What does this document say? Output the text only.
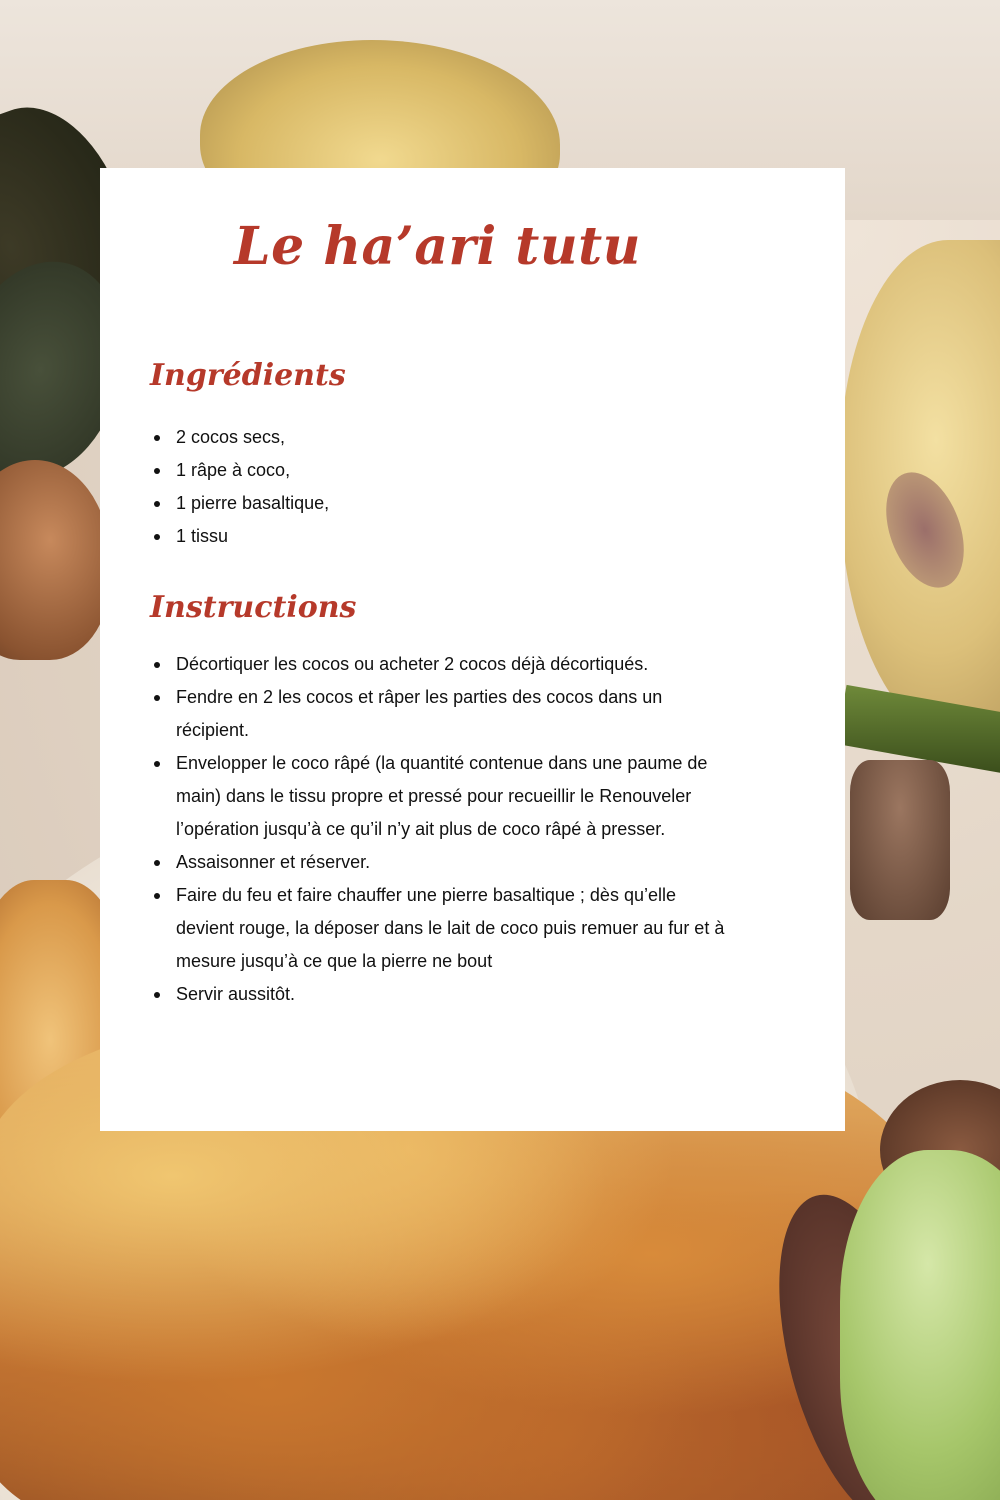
Le ha’ari tutu
Ingrédients
2 cocos secs,
1 râpe à coco,
1 pierre basaltique,
1 tissu
Instructions
Décortiquer les cocos ou acheter 2 cocos déjà décortiqués.
Fendre en 2 les cocos et râper les parties des cocos dans un récipient.
Envelopper le coco râpé (la quantité contenue dans une paume de main) dans le tissu propre et pressé pour recueillir le Renouveler l’opération jusqu’à ce qu’il n’y ait plus de coco râpé à presser.
Assaisonner et réserver.
Faire du feu et faire chauffer une pierre basaltique ; dès qu’elle devient rouge, la déposer dans le lait de coco puis remuer au fur et à mesure jusqu’à ce que la pierre ne bout
Servir aussitôt.
